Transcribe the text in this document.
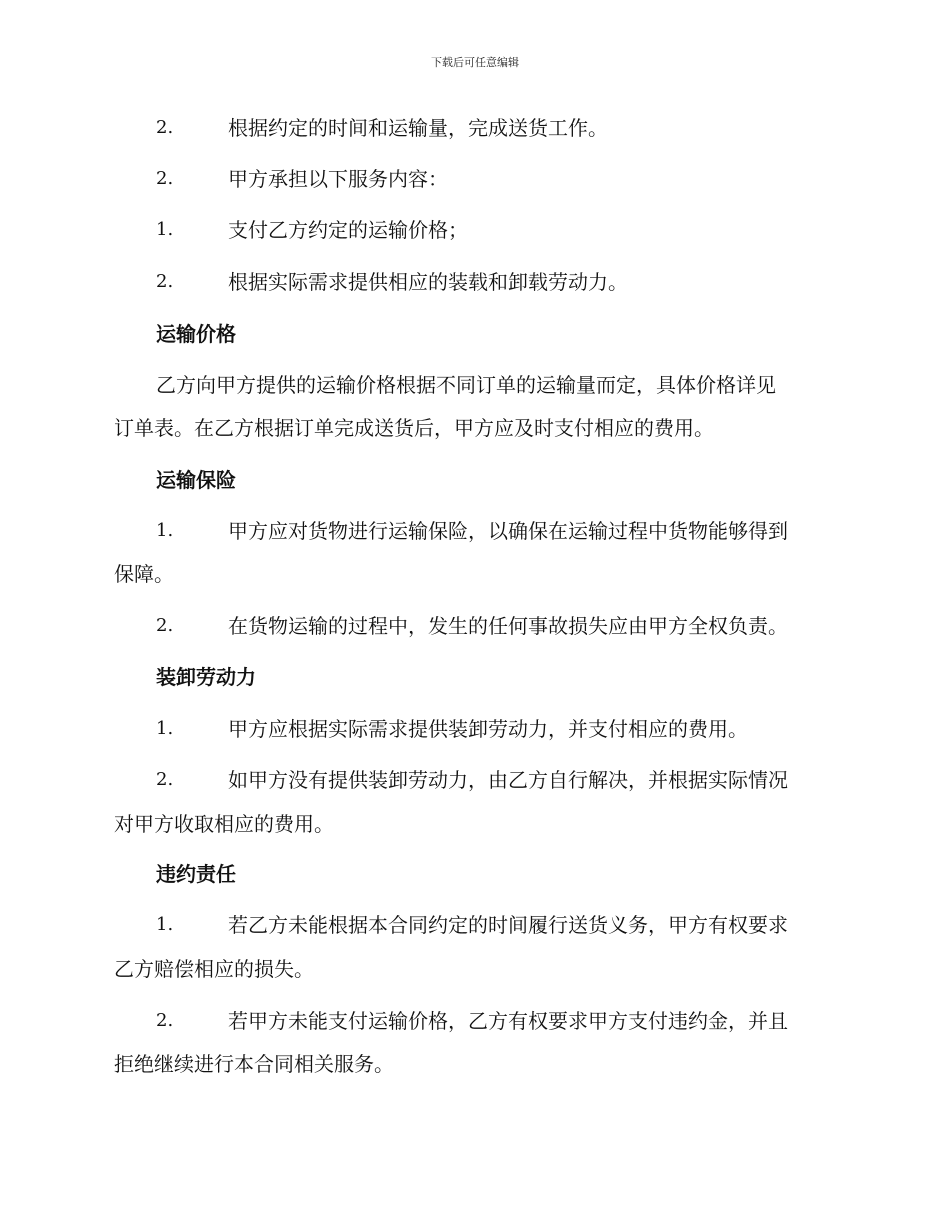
下载后可任意编辑
2.	根据约定的时间和运输量，完成送货工作。
2.	甲方承担以下服务内容：
1.	支付乙方约定的运输价格；
2.	根据实际需求提供相应的装载和卸载劳动力。
运输价格
乙方向甲方提供的运输价格根据不同订单的运输量而定，具体价格详见
订单表。在乙方根据订单完成送货后，甲方应及时支付相应的费用。
运输保险
1.	甲方应对货物进行运输保险，以确保在运输过程中货物能够得到
保障。
2.	在货物运输的过程中，发生的任何事故损失应由甲方全权负责。
装卸劳动力
1.	甲方应根据实际需求提供装卸劳动力，并支付相应的费用。
2.	如甲方没有提供装卸劳动力，由乙方自行解决，并根据实际情况
对甲方收取相应的费用。
违约责任
1.	若乙方未能根据本合同约定的时间履行送货义务，甲方有权要求
乙方赔偿相应的损失。
2.	若甲方未能支付运输价格，乙方有权要求甲方支付违约金，并且
拒绝继续进行本合同相关服务。
